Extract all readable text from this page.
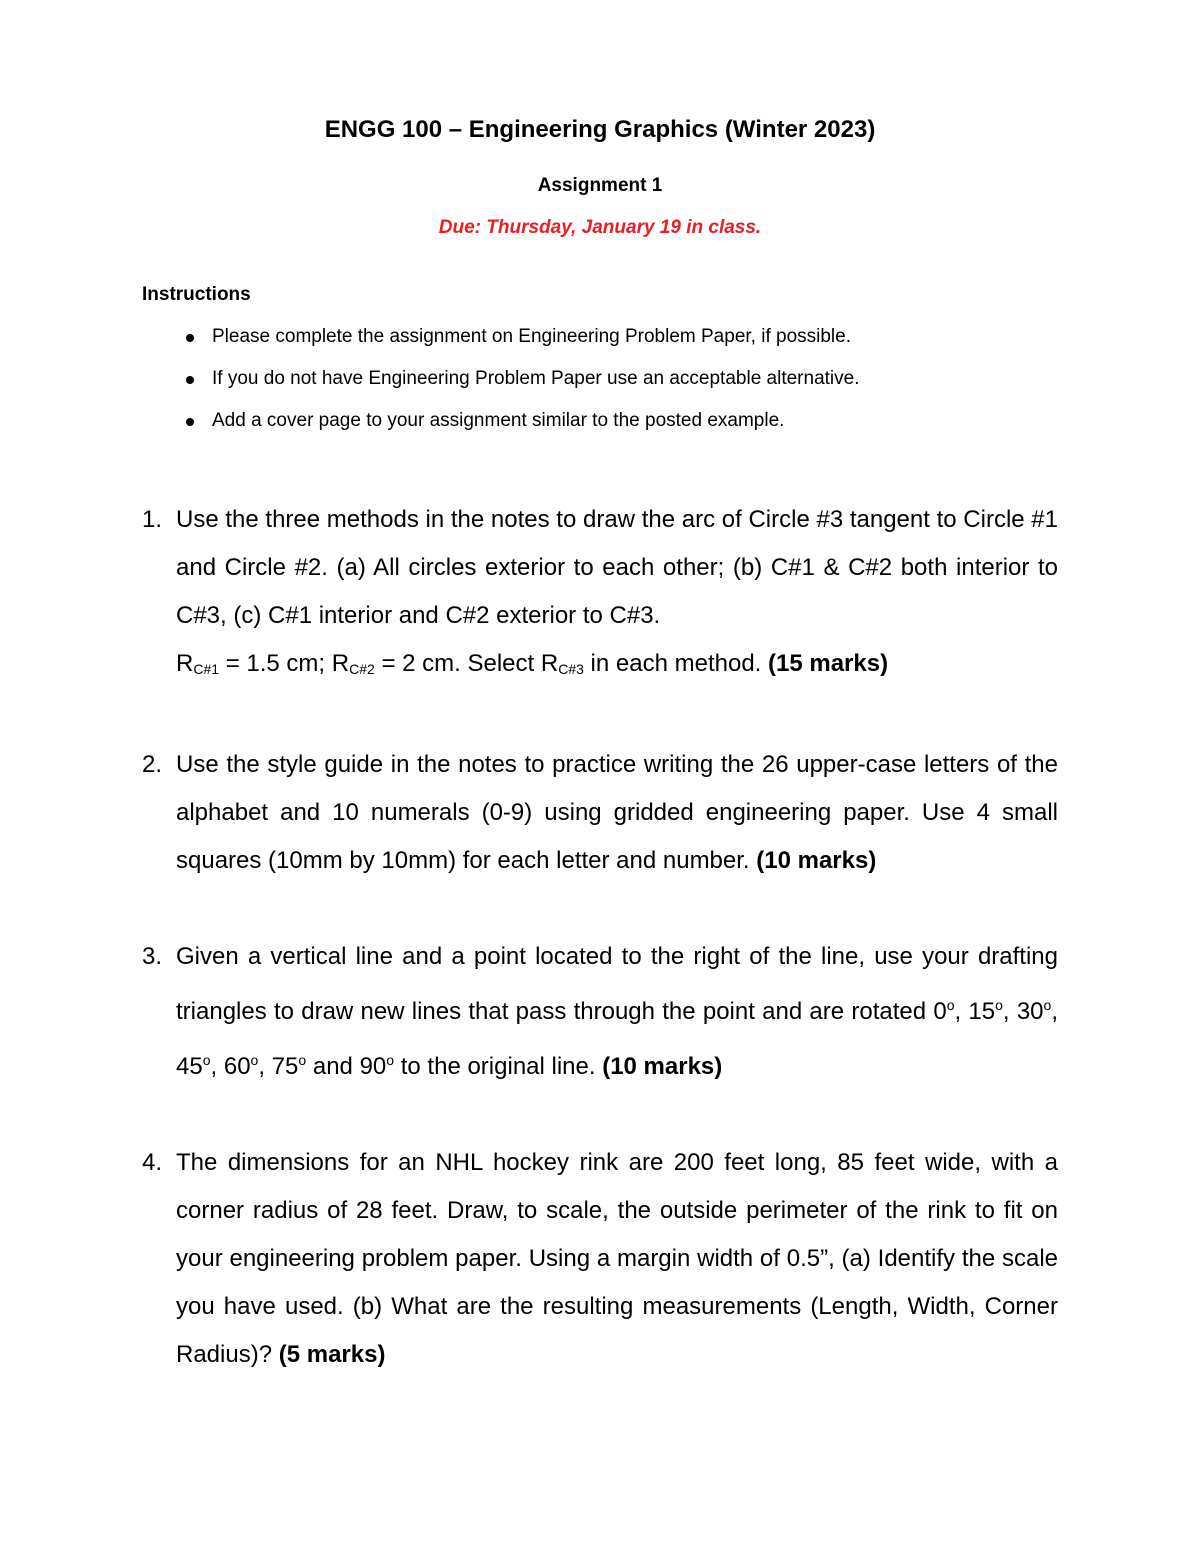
ENGG 100 – Engineering Graphics (Winter 2023)
Assignment 1
Due: Thursday, January 19 in class.
Instructions
Please complete the assignment on Engineering Problem Paper, if possible.
If you do not have Engineering Problem Paper use an acceptable alternative.
Add a cover page to your assignment similar to the posted example.
1. Use the three methods in the notes to draw the arc of Circle #3 tangent to Circle #1 and Circle #2. (a) All circles exterior to each other; (b) C#1 & C#2 both interior to C#3, (c) C#1 interior and C#2 exterior to C#3.
$R_{C\#1} = 1.5$ cm; $R_{C\#2} = 2$ cm. Select $R_{C\#3}$ in each method. (15 marks)
2. Use the style guide in the notes to practice writing the 26 upper-case letters of the alphabet and 10 numerals (0-9) using gridded engineering paper. Use 4 small squares (10mm by 10mm) for each letter and number. (10 marks)
3. Given a vertical line and a point located to the right of the line, use your drafting triangles to draw new lines that pass through the point and are rotated 0$^o$, 15$^o$, 30$^o$, 45$^o$, 60$^o$, 75$^o$ and 90$^o$ to the original line. (10 marks)
4. The dimensions for an NHL hockey rink are 200 feet long, 85 feet wide, with a corner radius of 28 feet. Draw, to scale, the outside perimeter of the rink to fit on your engineering problem paper. Using a margin width of 0.5”, (a) Identify the scale you have used. (b) What are the resulting measurements (Length, Width, Corner Radius)? (5 marks)
